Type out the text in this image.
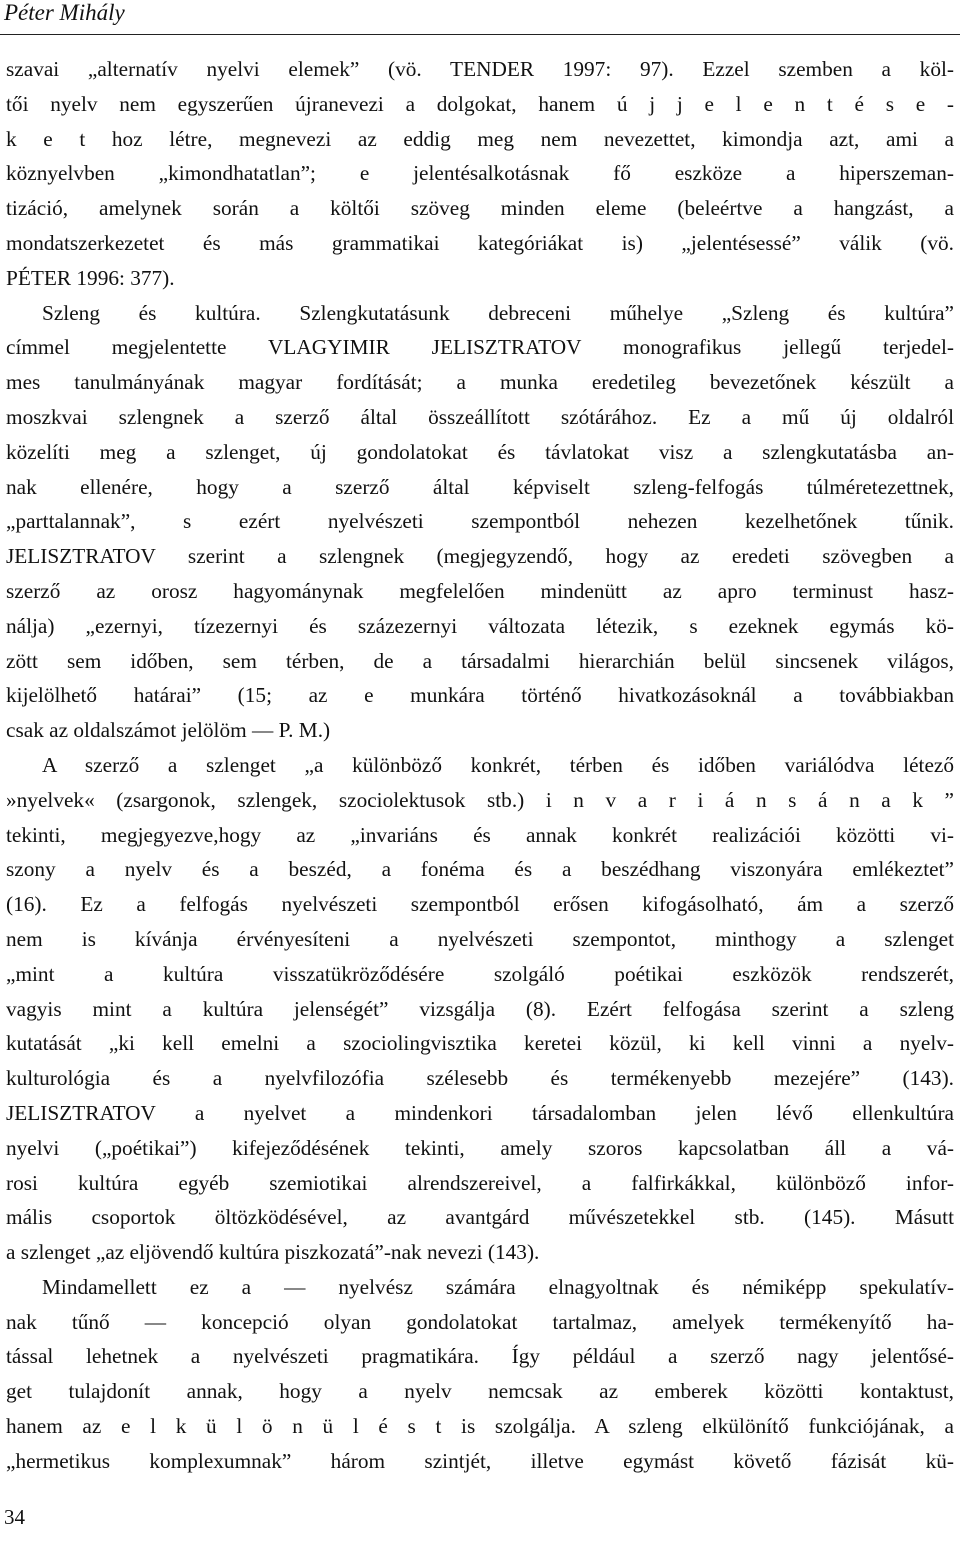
Péter Mihály
szavai „alternatív nyelvi elemek” (vö. TENDER 1997: 97). Ezzel szemben a köl-
tői nyelv nem egyszerűen újranevezi a dolgokat, hanem ú j j e l e n t é s e -
k e t hoz létre, megnevezi az eddig meg nem nevezettet, kimondja azt, ami a
köznyelvben „kimondhatatlan”; e jelentésalkotásnak fő eszköze a hiperszeman-
tizáció, amelynek során a költői szöveg minden eleme (beleértve a hangzást, a
mondatszerkezetet és más grammatikai kategóriákat is) „jelentésessé” válik (vö.
PÉTER 1996: 377).
Szleng és kultúra. Szlengkutatásunk debreceni műhelye „Szleng és kultúra”
címmel megjelentette VLAGYIMIR JELISZTRATOV monografikus jellegű terjedel-
mes tanulmányának magyar fordítását; a munka eredetileg bevezetőnek készült a
moszkvai szlengnek a szerző által összeállított szótárához. Ez a mű új oldalról
közelíti meg a szlenget, új gondolatokat és távlatokat visz a szlengkutatásba an-
nak ellenére, hogy a szerző által képviselt szleng-felfogás túlméretezettnek,
„parttalannak”, s ezért nyelvészeti szempontból nehezen kezelhetőnek tűnik.
JELISZTRATOV szerint a szlengnek (megjegyzendő, hogy az eredeti szövegben a
szerző az orosz hagyománynak megfelelően mindenütt az арго terminust hasz-
nálja) „ezernyi, tízezernyi és százezernyi változata létezik, s ezeknek egymás kö-
zött sem időben, sem térben, de a társadalmi hierarchián belül sincsenek világos,
kijelölhető határai” (15; az e munkára történő hivatkozásoknál a továbbiakban
csak az oldalszámot jelölöm — P. M.)
A szerző a szlenget „a különböző konkrét, térben és időben variálódva létező
»nyelvek« (zsargonok, szlengek, szociolektusok stb.) i n v a r i á n s á n a k ”
tekinti, megjegyezve,hogy az „invariáns és annak konkrét realizációi közötti vi-
szony a nyelv és a beszéd, a fonéma és a beszédhang viszonyára emlékeztet”
(16). Ez a felfogás nyelvészeti szempontból erősen kifogásolható, ám a szerző
nem is kívánja érvényesíteni a nyelvészeti szempontot, minthogy a szlenget
„mint a kultúra visszatükröződésére szolgáló poétikai eszközök rendszerét,
vagyis mint a kultúra jelenségét” vizsgálja (8). Ezért felfogása szerint a szleng
kutatását „ki kell emelni a szociolingvisztika keretei közül, ki kell vinni a nyelv-
kulturológia és a nyelvfilozófia szélesebb és termékenyebb mezejére” (143).
JELISZTRATOV a nyelvet a mindenkori társadalomban jelen lévő ellenkultúra
nyelvi („poétikai”) kifejeződésének tekinti, amely szoros kapcsolatban áll a vá-
rosi kultúra egyéb szemiotikai alrendszereivel, a falfirkákkal, különböző infor-
mális csoportok öltözködésével, az avantgárd művészetekkel stb. (145). Másutt
a szlenget „az eljövendő kultúra piszkozatá”-nak nevezi (143).
Mindamellett ez a — nyelvész számára elnagyoltnak és némiképp spekulatív-
nak tűnő — koncepció olyan gondolatokat tartalmaz, amelyek termékenyítő ha-
tással lehetnek a nyelvészeti pragmatikára. Így például a szerző nagy jelentősé-
get tulajdonít annak, hogy a nyelv nemcsak az emberek közötti kontaktust,
hanem az e l k ü l ö n ü l é s t is szolgálja. A szleng elkülönítő funkciójának, a
„hermetikus komplexumnak” három szintjét, illetve egymást követő fázisát kü-
34
